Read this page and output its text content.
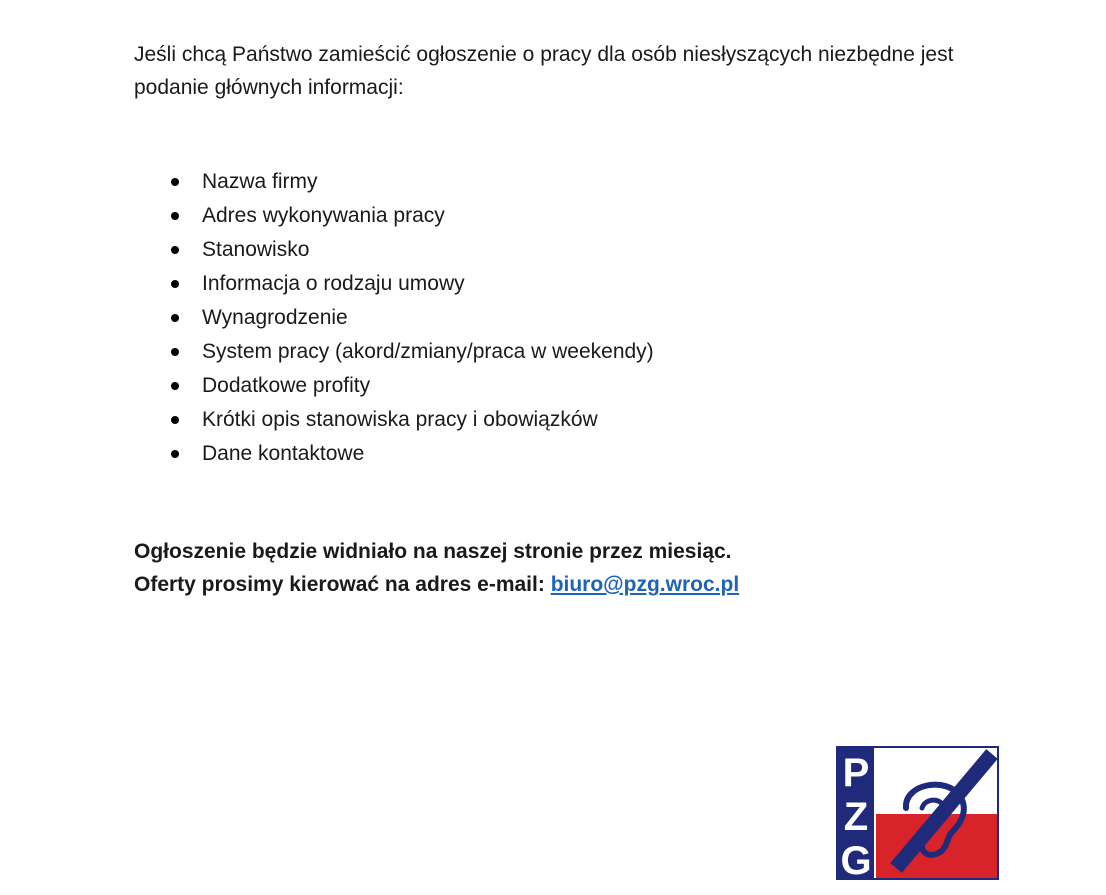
Jeśli chcą Państwo zamieścić ogłoszenie o pracy dla osób niesłyszących niezbędne jest podanie głównych informacji:

Nazwa firmy
Adres wykonywania pracy
Stanowisko
Informacja o rodzaju umowy
Wynagrodzenie
System pracy (akord/zmiany/praca w weekendy)
Dodatkowe profity
Krótki opis stanowiska pracy i obowiązków
Dane kontaktowe
Ogłoszenie będzie widniało na naszej stronie przez miesiąc.
Oferty prosimy kierować na adres e-mail: biuro@pzg.wroc.pl
P
Z
G
